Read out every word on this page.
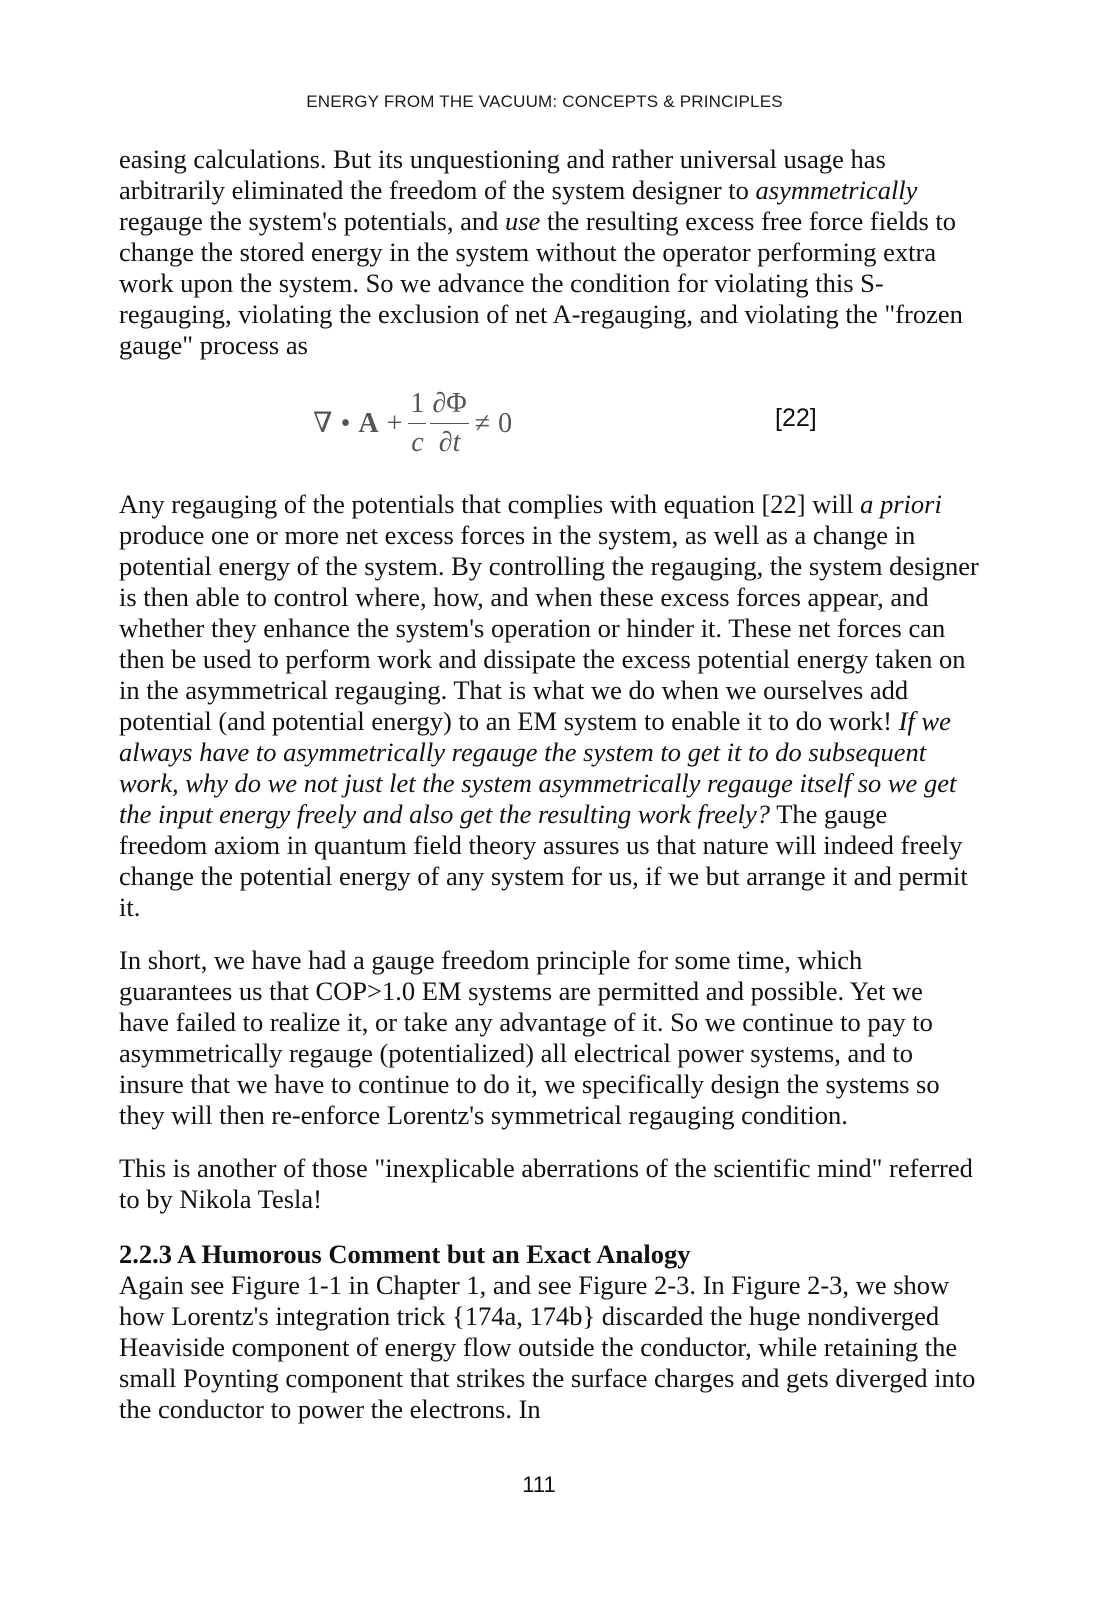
ENERGY FROM THE VACUUM: CONCEPTS & PRINCIPLES

easing calculations. But its unquestioning and rather universal usage has arbitrarily eliminated the freedom of the system designer to asymmetrically regauge the system's potentials, and use the resulting excess free force fields to change the stored energy in the system without the operator performing extra work upon the system. So we advance the condition for violating this S-regauging, violating the exclusion of net A-regauging, and violating the "frozen gauge" process as

∇ • $A + \frac{1}{c} \frac{\partial\Phi}{\partial t} \ne 0$	[22]

Any regauging of the potentials that complies with equation [22] will a priori produce one or more net excess forces in the system, as well as a change in potential energy of the system. By controlling the regauging, the system designer is then able to control where, how, and when these excess forces appear, and whether they enhance the system's operation or hinder it. These net forces can then be used to perform work and dissipate the excess potential energy taken on in the asymmetrical regauging. That is what we do when we ourselves add potential (and potential energy) to an EM system to enable it to do work! If we always have to asymmetrically regauge the system to get it to do subsequent work, why do we not just let the system asymmetrically regauge itself so we get the input energy freely and also get the resulting work freely? The gauge freedom axiom in quantum field theory assures us that nature will indeed freely change the potential energy of any system for us, if we but arrange it and permit it.

In short, we have had a gauge freedom principle for some time, which guarantees us that COP>1.0 EM systems are permitted and possible. Yet we have failed to realize it, or take any advantage of it. So we continue to pay to asymmetrically regauge (potentialized) all electrical power systems, and to insure that we have to continue to do it, we specifically design the systems so they will then re-enforce Lorentz's symmetrical regauging condition.

This is another of those "inexplicable aberrations of the scientific mind" referred to by Nikola Tesla!

2.2.3 A Humorous Comment but an Exact Analogy

Again see Figure 1-1 in Chapter 1, and see Figure 2-3. In Figure 2-3, we show how Lorentz's integration trick {174a, 174b} discarded the huge nondiverged Heaviside component of energy flow outside the conductor, while retaining the small Poynting component that strikes the surface charges and gets diverged into the conductor to power the electrons. In

111
